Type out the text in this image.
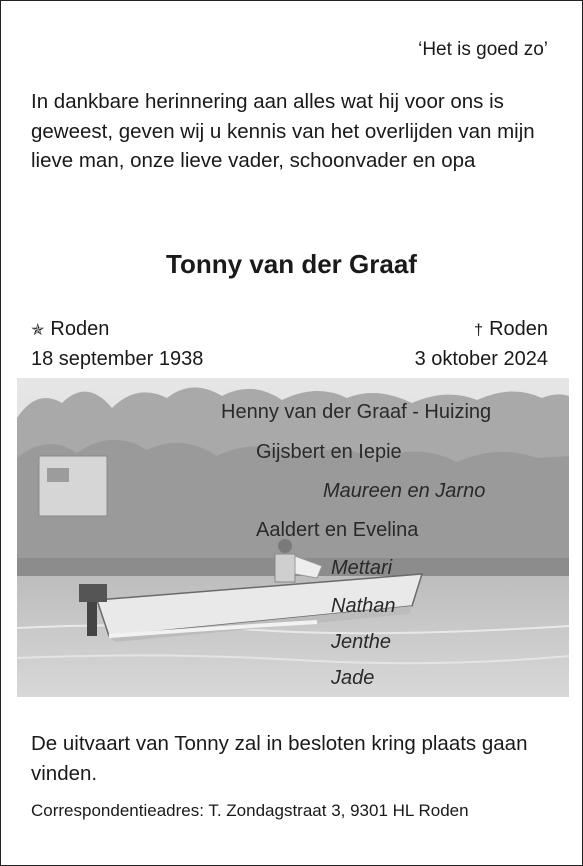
‘Het is goed zo’
In dankbare herinnering aan alles wat hij voor ons is geweest, geven wij u kennis van het overlijden van mijn lieve man, onze lieve vader, schoonvader en opa
Tonny van der Graaf
✯ Roden
18 september 1938
† Roden
3 oktober 2024
Henny van der Graaf - Huizing
Gijsbert en Iepie
Maureen en Jarno
Aaldert en Evelina
Mettari
Nathan
Jenthe
Jade
De uitvaart van Tonny zal in besloten kring plaats gaan vinden.
Correspondentieadres: T. Zondagstraat 3, 9301 HL Roden
